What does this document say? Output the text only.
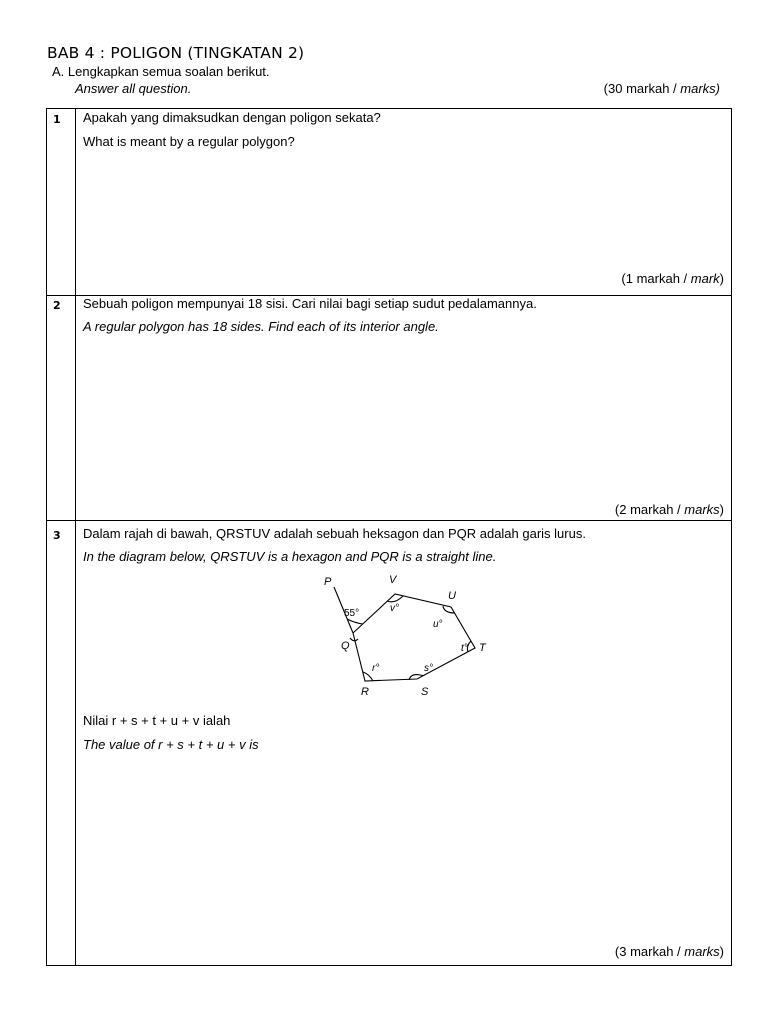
BAB 4 : POLIGON (TINGKATAN 2)
A. Lengkapkan semua soalan berikut.
Answer all question.	(30 markah / marks)
1 Apakah yang dimaksudkan dengan poligon sekata?
What is meant by a regular polygon?
(1 markah / mark)
2 Sebuah poligon mempunyai 18 sisi. Cari nilai bagi setiap sudut pedalamannya.
A regular polygon has 18 sides. Find each of its interior angle.
(2 markah / marks)
3 Dalam rajah di bawah, QRSTUV adalah sebuah heksagon dan PQR adalah garis lurus.
In the diagram below, QRSTUV is a hexagon and PQR is a straight line.
P	V
U
T
S
R
Q
55°	v°
u°
t°
s°
r°
Nilai r + s + t + u + v ialah
The value of r + s + t + u + v is
(3 markah / marks)
